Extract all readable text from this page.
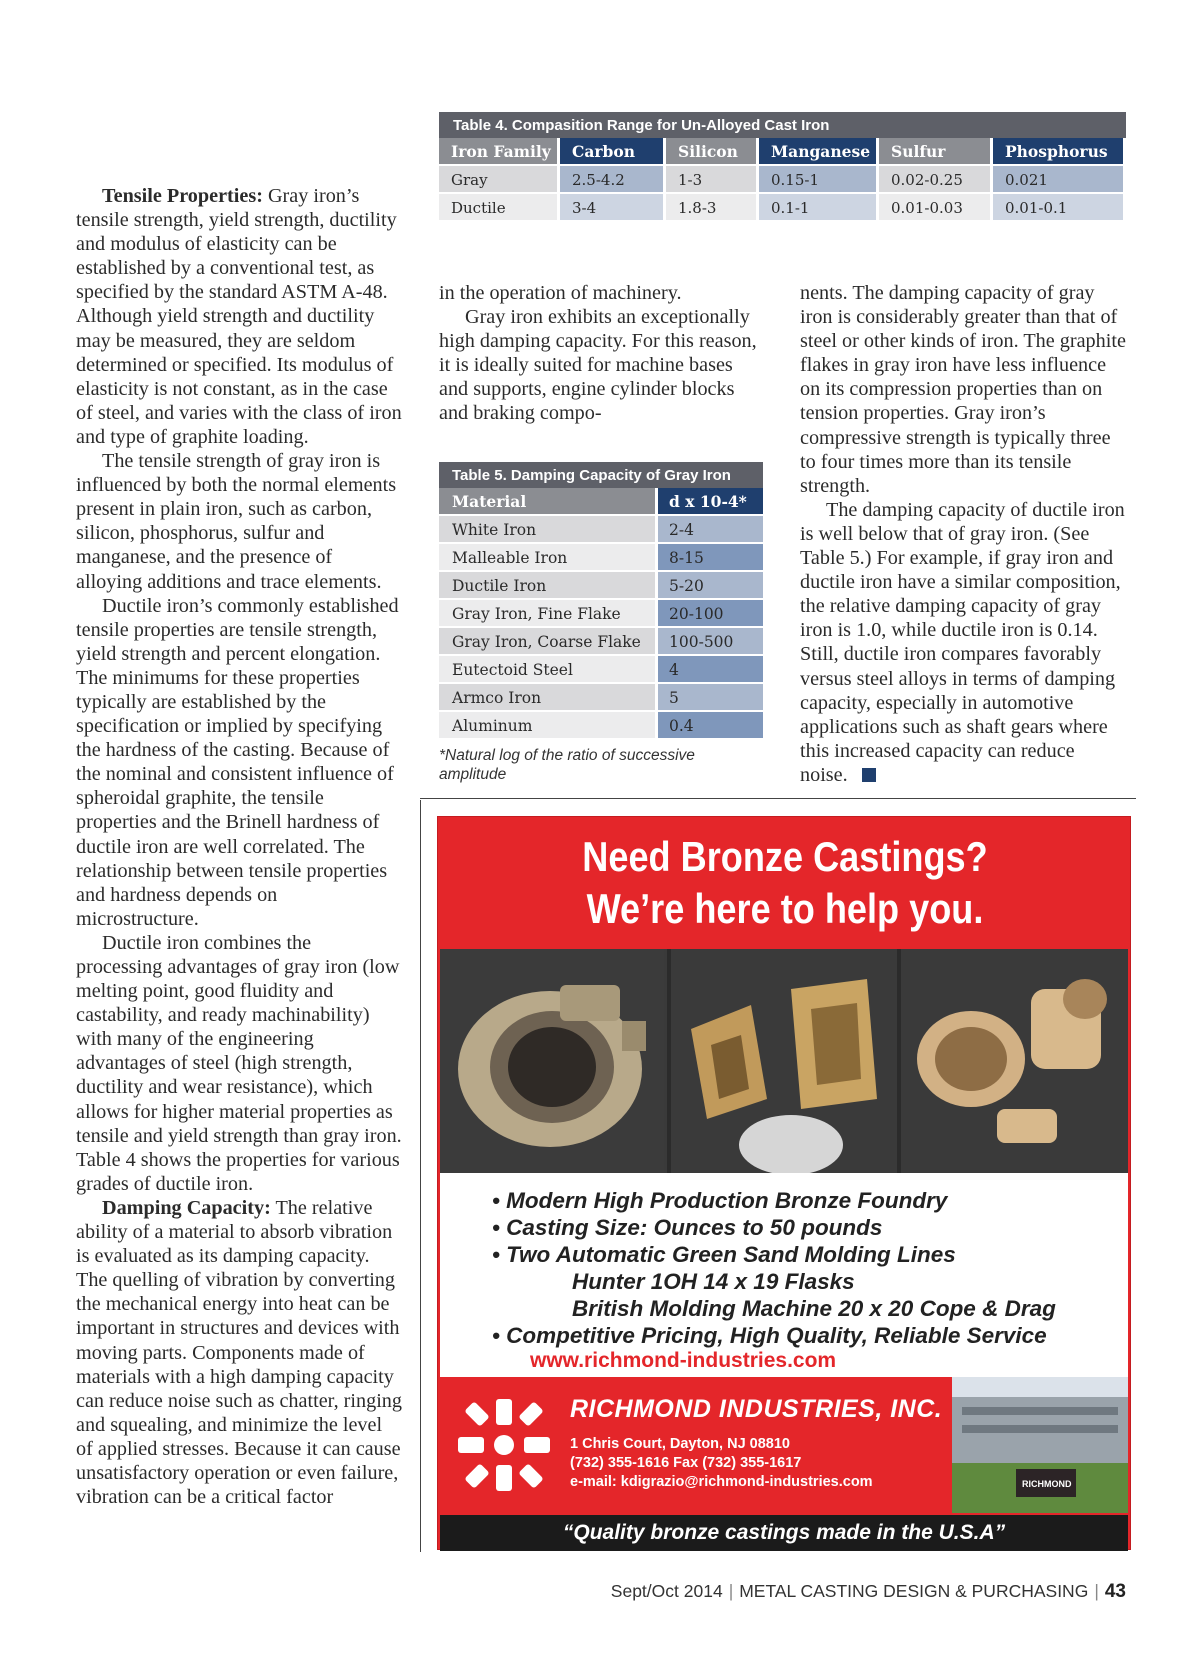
Table 4. Compasition Range for Un-Alloyed Cast Iron
Iron Family	Carbon	Silicon	Manganese	Sulfur	Phosphorus
Gray	2.5-4.2	1-3	0.15-1	0.02-0.25	0.021
Ductile	3-4	1.8-3	0.1-1	0.01-0.03	0.01-0.1

Tensile Properties: Gray iron’s tensile strength, yield strength, ductility and modulus of elasticity can be established by a conventional test, as specified by the standard ASTM A-48. Although yield strength and ductility may be measured, they are seldom determined or specified. Its modulus of elasticity is not constant, as in the case of steel, and varies with the class of iron and type of graphite loading.

The tensile strength of gray iron is influenced by both the normal elements present in plain iron, such as carbon, silicon, phosphorus, sulfur and manganese, and the presence of alloying additions and trace elements.

Ductile iron’s commonly established tensile properties are tensile strength, yield strength and percent elongation. The minimums for these properties typically are established by the specification or implied by specifying the hardness of the casting. Because of the nominal and consistent influence of spheroidal graphite, the tensile properties and the Brinell hardness of ductile iron are well correlated. The relationship between tensile properties and hardness depends on microstructure.

Ductile iron combines the processing advantages of gray iron (low melting point, good fluidity and castability, and ready machinability) with many of the engineering advantages of steel (high strength, ductility and wear resistance), which allows for higher material properties as tensile and yield strength than gray iron. Table 4 shows the properties for various grades of ductile iron.

Damping Capacity: The relative ability of a material to absorb vibration is evaluated as its damping capacity. The quelling of vibration by converting the mechanical energy into heat can be important in structures and devices with moving parts. Components made of materials with a high damping capacity can reduce noise such as chatter, ringing and squealing, and minimize the level of applied stresses. Because it can cause unsatisfactory operation or even failure, vibration can be a critical factor

in the operation of machinery.

Gray iron exhibits an exceptionally high damping capacity. For this reason, it is ideally suited for machine bases and supports, engine cylinder blocks and braking compo-

Table 5. Damping Capacity of Gray Iron
Material	d x 10-4*
White Iron	2-4
Malleable Iron	8-15
Ductile Iron	5-20
Gray Iron, Fine Flake	20-100
Gray Iron, Coarse Flake	100-500
Eutectoid Steel	4
Armco Iron	5
Aluminum	0.4
*Natural log of the ratio of successive amplitude

nents. The damping capacity of gray iron is considerably greater than that of steel or other kinds of iron. The graphite flakes in gray iron have less influence on its compression properties than on tension properties. Gray iron’s compressive strength is typically three to four times more than its tensile strength.

The damping capacity of ductile iron is well below that of gray iron. (See Table 5.) For example, if gray iron and ductile iron have a similar composition, the relative damping capacity of gray iron is 1.0, while ductile iron is 0.14. Still, ductile iron compares favorably versus steel alloys in terms of damping capacity, especially in automotive applications such as shaft gears where this increased capacity can reduce noise.

Need Bronze Castings?
We’re here to help you.
• Modern High Production Bronze Foundry
• Casting Size: Ounces to 50 pounds
• Two Automatic Green Sand Molding Lines
Hunter 1OH 14 x 19 Flasks
British Molding Machine 20 x 20 Cope & Drag
• Competitive Pricing, High Quality, Reliable Service
www.richmond-industries.com
RICHMOND INDUSTRIES, INC.
1 Chris Court, Dayton, NJ 08810
(732) 355-1616 Fax (732) 355-1617
e-mail: kdigrazio@richmond-industries.com	RICHMOND
“Quality bronze castings made in the U.S.A”
Sept/Oct 2014 | METAL CASTING DESIGN & PURCHASING | 43
